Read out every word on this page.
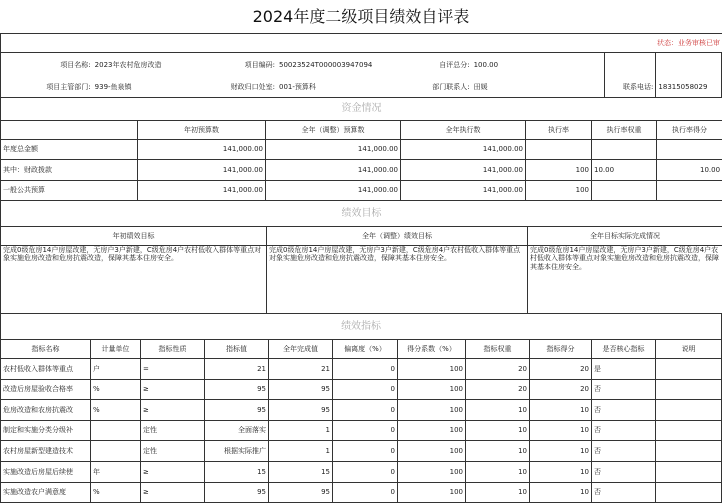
2024年度二级项目绩效自评表
状态：业务审核已审
项目名称:	2023年农村危房改造	项目编码:	50023524T000003947094	自评总分:	100.00		
项目主管部门:	939-鱼泉镇	财政归口处室:	001-预算科	部门联系人:	田媛	联系电话:	18315058029
资金情况						
	年初预算数	全年（调整）预算数	全年执行数	执行率	执行率权重	执行率得分
年度总金额	141,000.00	141,000.00	141,000.00			
其中：财政拨款	141,000.00	141,000.00	141,000.00	100	10.00	10.00
一般公共预算	141,000.00	141,000.00	141,000.00	100		
绩效目标		
年初绩效目标	全年（调整）绩效目标	全年目标实际完成情况
完成0级危房14户房屋改建，无房户3户新建，C级危房4户农村低收入群体等重点对象实施危房改造和危房抗震改造，保障其基本住房安全。	完成0级危房14户房屋改建，无房户3户新建，C级危房4户农村低收入群体等重点对象实施危房改造和危房抗震改造，保障其基本住房安全。	完成0级危房14户房屋改建，无房户3户新建，C级危房4户农村低收入群体等重点对象实施危房改造和危房抗震改造，保障其基本住房安全。
绩效指标										
指标名称	计量单位	指标性质	指标值	全年完成值	偏离度（%）	得分系数（%）	指标权重	指标得分	是否核心指标	说明
农村低收入群体等重点	户	=	21	21	0	100	20	20	是	
改造后房屋验收合格率	%	≥	95	95	0	100	20	20	否	
危房改造和农房抗震改	%	≥	95	95	0	100	10	10	否	
制定和实施分类分级补		定性	全面落实	1	0	100	10	10	否	
农村房屋新型建造技术		定性	根据实际推广	1	0	100	10	10	否	
实施改造后房屋后续使	年	≥	15	15	0	100	10	10	否	
实施改造农户满意度	%	≥	95	95	0	100	10	10	否	
